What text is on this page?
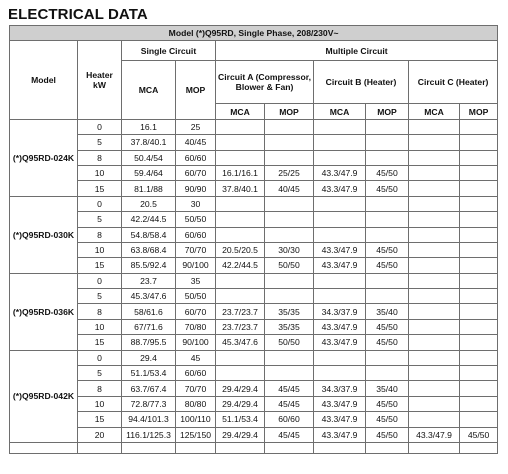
ELECTRICAL DATA
Model (*)Q95RD, Single Phase, 208/230V~									
Model	Heater kW	Single Circuit		Multiple Circuit					
		MCA	MOP	Circuit A (Compressor, Blower & Fan)		Circuit B (Heater)		Circuit C (Heater)	
				MCA	MOP	MCA	MOP	MCA	MOP
(*)Q95RD-024K	0	16.1	25						
	5	37.8/40.1	40/45						
	8	50.4/54	60/60						
	10	59.4/64	60/70	16.1/16.1	25/25	43.3/47.9	45/50		
	15	81.1/88	90/90	37.8/40.1	40/45	43.3/47.9	45/50		
(*)Q95RD-030K	0	20.5	30						
	5	42.2/44.5	50/50						
	8	54.8/58.4	60/60						
	10	63.8/68.4	70/70	20.5/20.5	30/30	43.3/47.9	45/50		
	15	85.5/92.4	90/100	42.2/44.5	50/50	43.3/47.9	45/50		
(*)Q95RD-036K	0	23.7	35						
	5	45.3/47.6	50/50						
	8	58/61.6	60/70	23.7/23.7	35/35	34.3/37.9	35/40		
	10	67/71.6	70/80	23.7/23.7	35/35	43.3/47.9	45/50		
	15	88.7/95.5	90/100	45.3/47.6	50/50	43.3/47.9	45/50		
(*)Q95RD-042K	0	29.4	45						
	5	51.1/53.4	60/60						
	8	63.7/67.4	70/70	29.4/29.4	45/45	34.3/37.9	35/40		
	10	72.8/77.3	80/80	29.4/29.4	45/45	43.3/47.9	45/50		
	15	94.4/101.3	100/110	51.1/53.4	60/60	43.3/47.9	45/50		
	20	116.1/125.3	125/150	29.4/29.4	45/45	43.3/47.9	45/50	43.3/47.9	45/50
